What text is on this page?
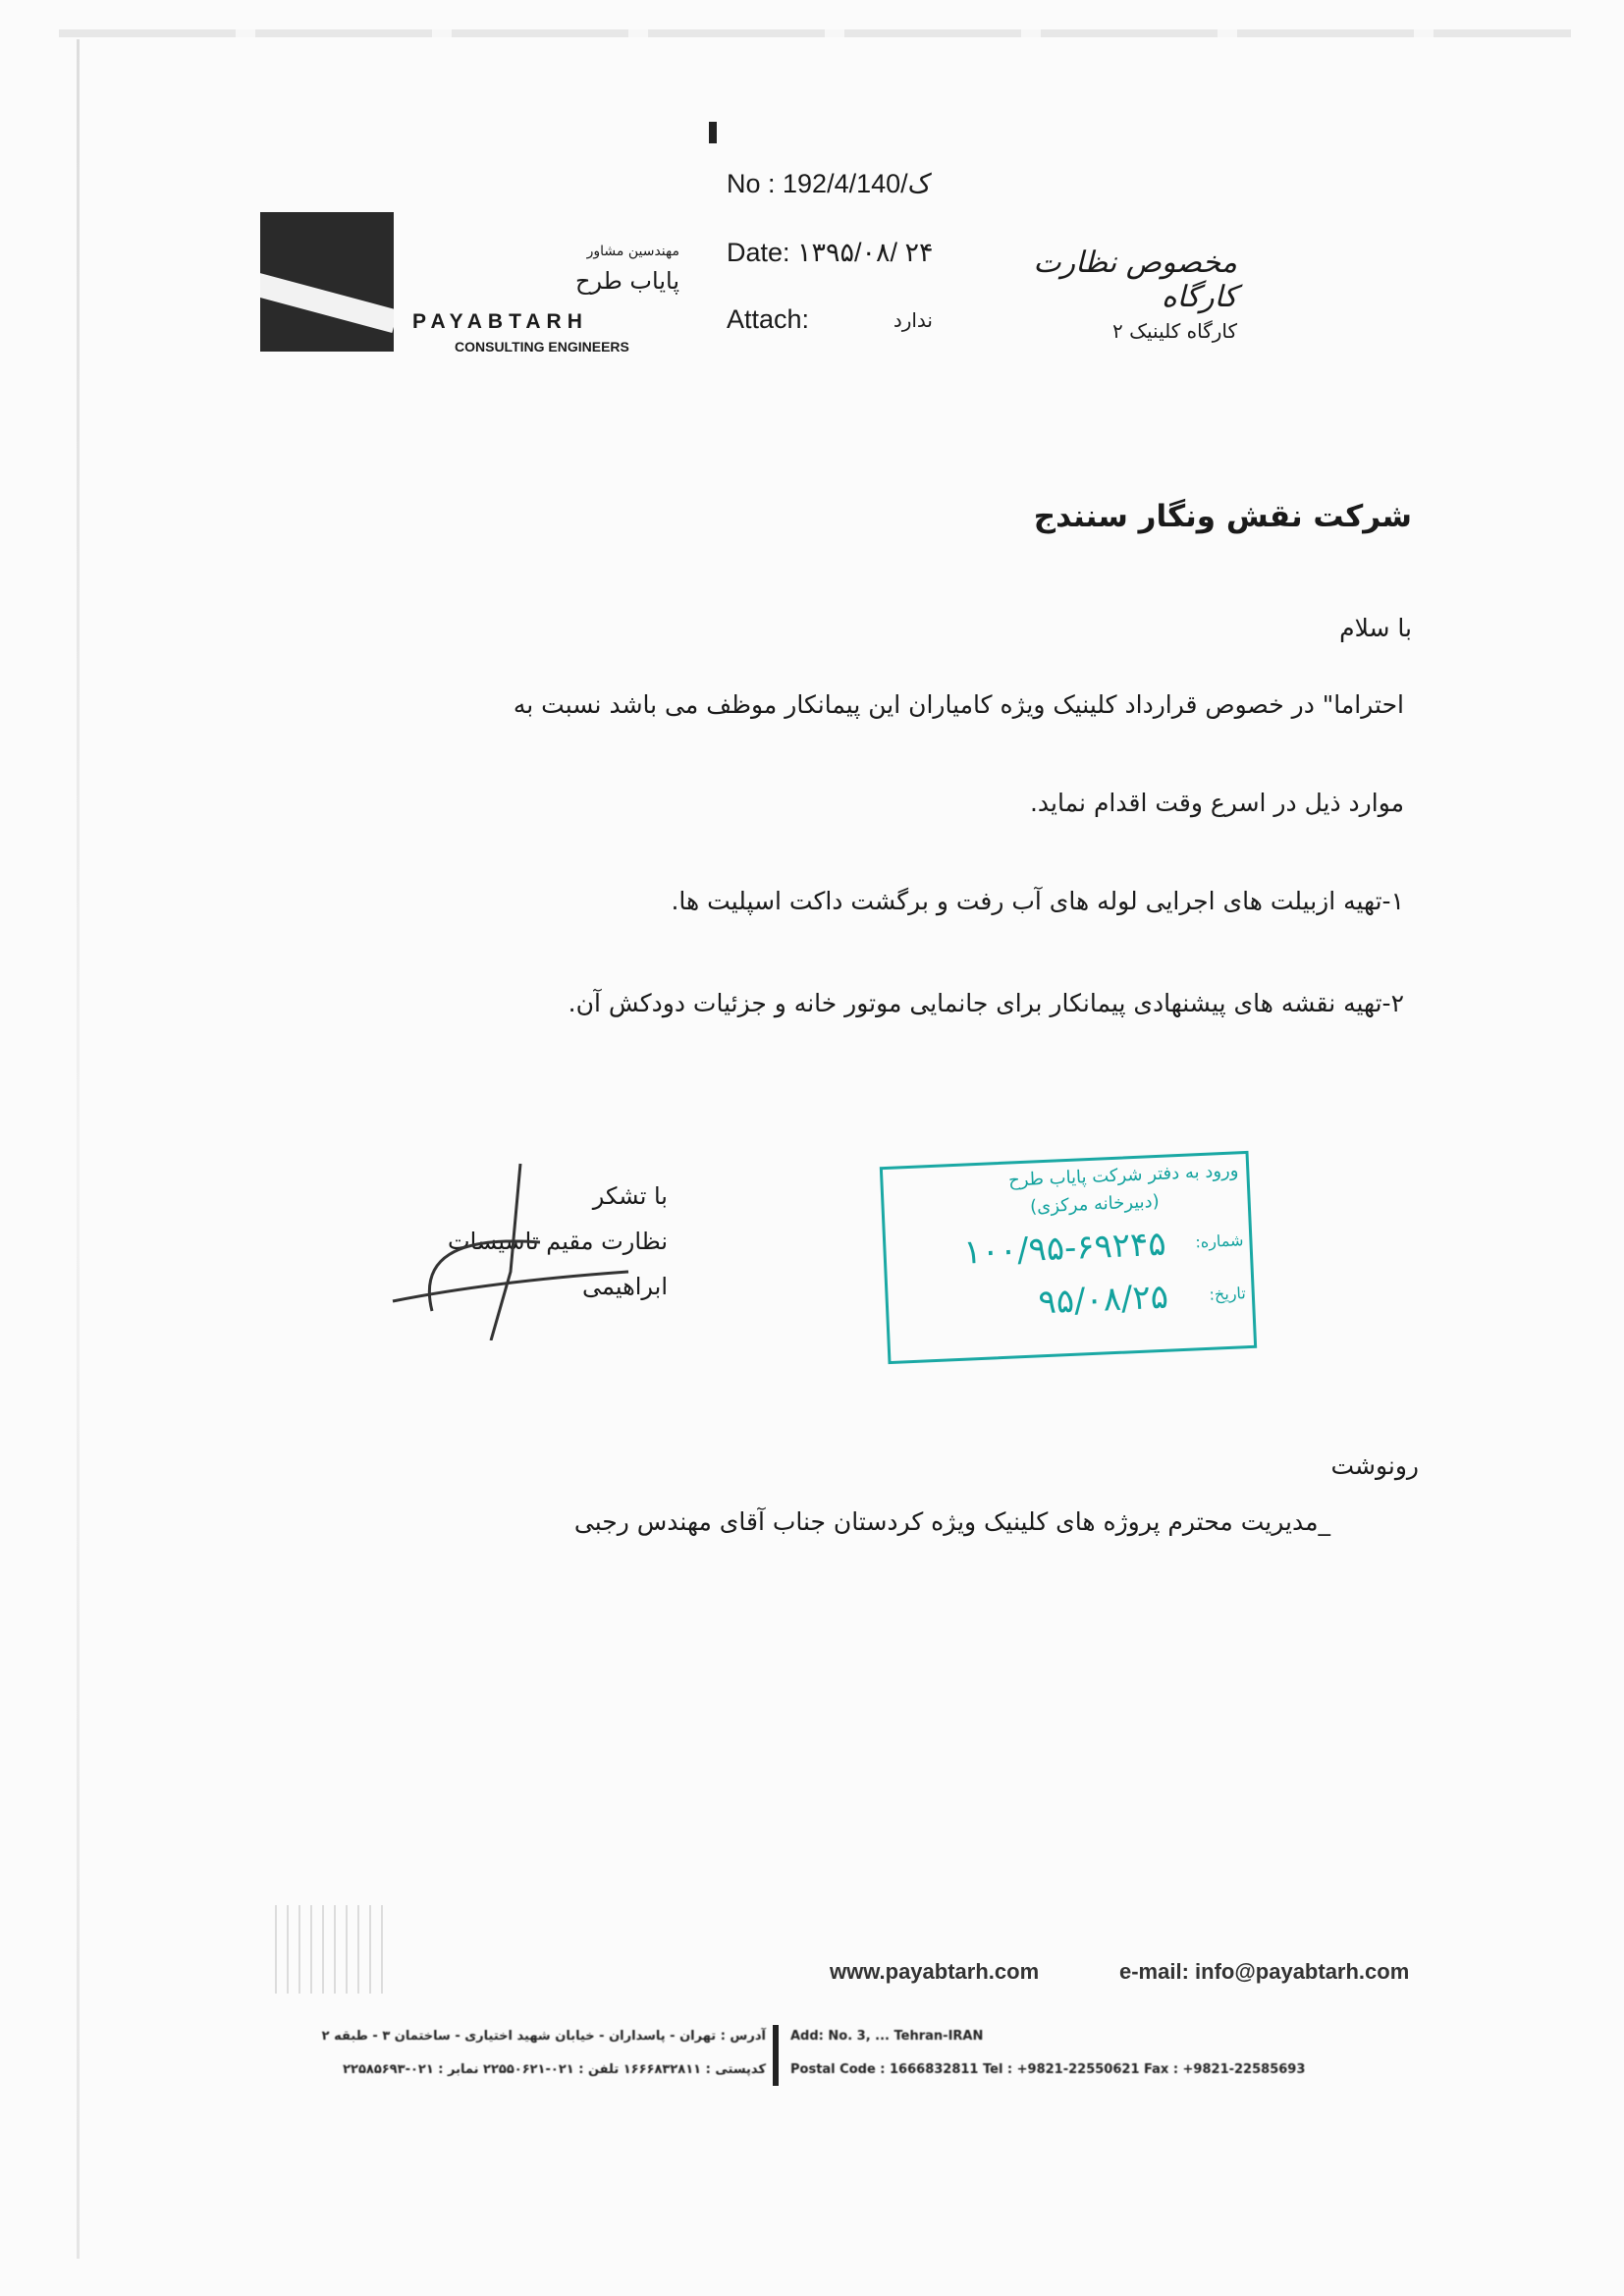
No : 192/4/ک/140
Date: ۱۳۹۵/۰۸/ ۲۴
Attach:	ندارد
مهندسین مشاور
پایاب طرح
PAYABTARH
CONSULTING ENGINEERS
مخصوص نظارت کارگاه
کارگاه کلینیک ۲
شرکت نقش ونگار سنندج
با سلام
احتراما" در خصوص قرارداد کلینیک ویژه کامیاران این پیمانکار موظف می باشد نسبت به
موارد ذیل در اسرع وقت اقدام نماید.
۱-تهیه ازبیلت های اجرایی لوله های آب رفت و برگشت داکت اسپلیت ها.
۲-تهیه نقشه های پیشنهادی پیمانکار برای جانمایی موتور خانه و جزئیات دودکش آن.
با تشکر
نظارت مقیم تاسیسات
ابراهیمی
ورود به دفتر شرکت پایاب طرح
(دبیرخانه مرکزی)
شماره:
۱۰۰/۹۵-۶۹۲۴۵
تاریخ:
۹۵/۰۸/۲۵
رونوشت
_مدیریت محترم پروژه های کلینیک ویژه کردستان جناب آقای مهندس رجبی
www.payabtarh.com	e-mail: info@payabtarh.com
آدرس : تهران - پاسداران - خیابان شهید اختیاری - ساختمان ۳ - طبقه ۲
کدپستی : ۱۶۶۶۸۳۲۸۱۱ تلفن : ۰۲۱-۲۲۵۵۰۶۲۱ نمابر : ۰۲۱-۲۲۵۸۵۶۹۳
Add: No. 3, ... Tehran-IRAN
Postal Code : 1666832811 Tel : +9821-22550621 Fax : +9821-22585693
